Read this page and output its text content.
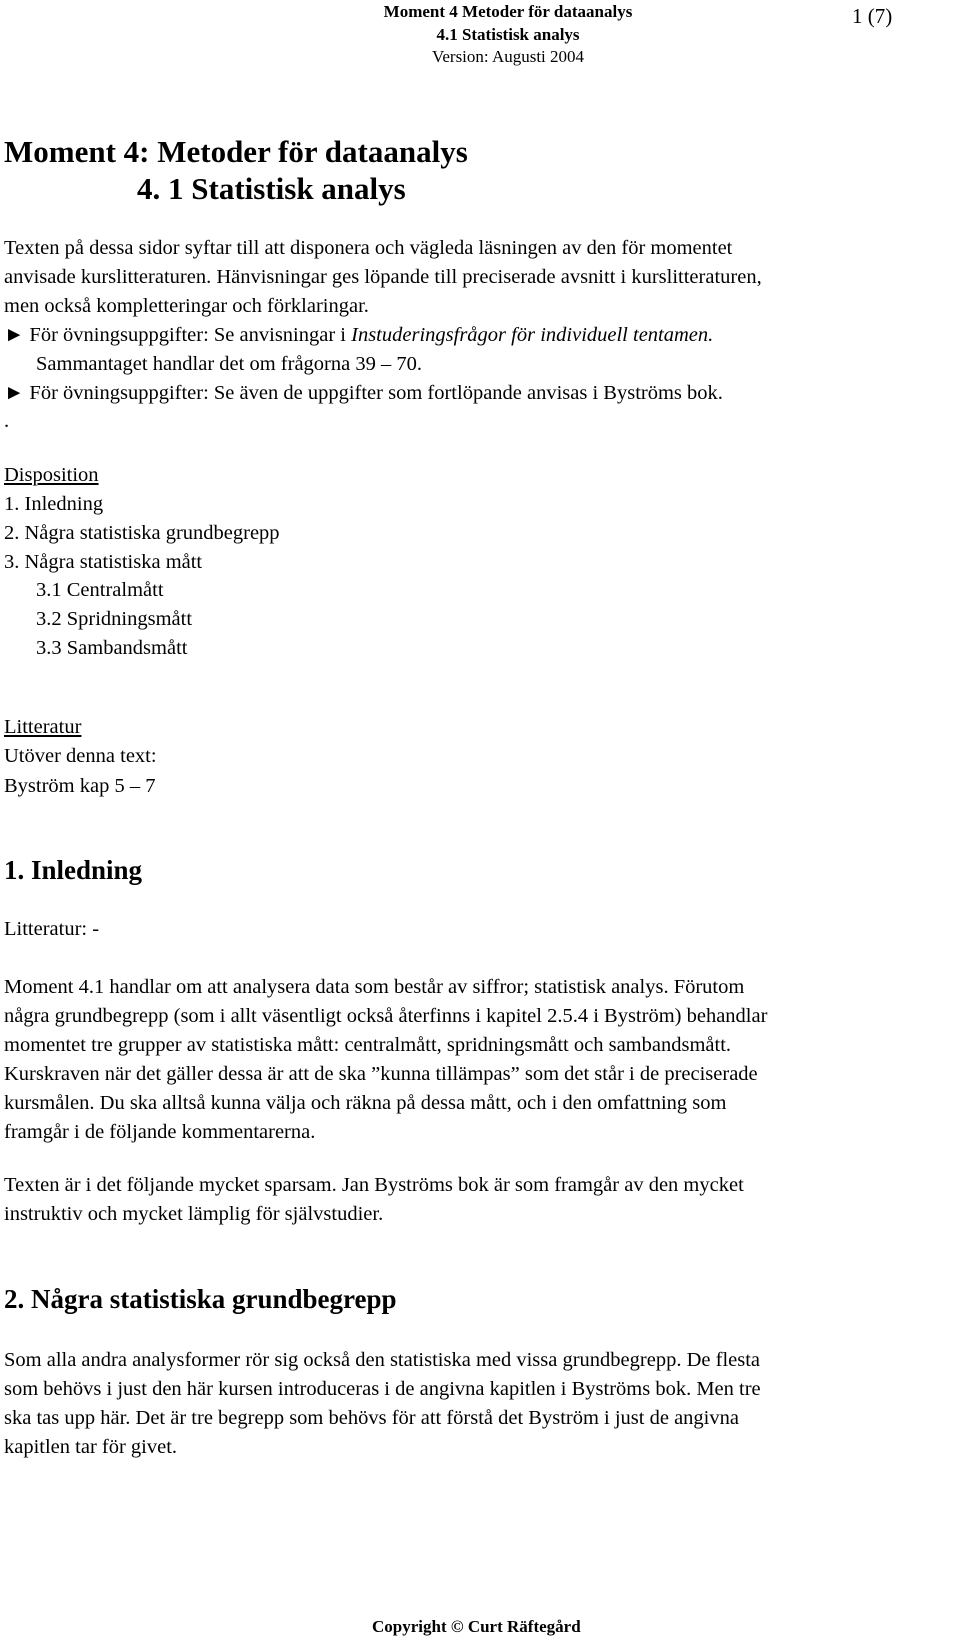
Moment 4 Metoder för dataanalys
4.1 Statistisk analys
Version: Augusti 2004
1 (7)
Moment 4: Metoder för dataanalys
4. 1 Statistisk analys
Texten på dessa sidor syftar till att disponera och vägleda läsningen av den för momentet
anvisade kurslitteraturen. Hänvisningar ges löpande till preciserade avsnitt i kurslitteraturen,
men också kompletteringar och förklaringar.
► För övningsuppgifter: Se anvisningar i Instuderingsfrågor för individuell tentamen.
Sammantaget handlar det om frågorna 39 – 70.
► För övningsuppgifter: Se även de uppgifter som fortlöpande anvisas i Byströms bok.
.
Disposition
1. Inledning
2. Några statistiska grundbegrepp
3. Några statistiska mått
3.1 Centralmått
3.2 Spridningsmått
3.3 Sambandsmått
Litteratur
Utöver denna text:
Byström kap 5 – 7
1. Inledning
Litteratur: -
Moment 4.1 handlar om att analysera data som består av siffror; statistisk analys. Förutom
några grundbegrepp (som i allt väsentligt också återfinns i kapitel 2.5.4 i Byström) behandlar
momentet tre grupper av statistiska mått: centralmått, spridningsmått och sambandsmått.
Kurskraven när det gäller dessa är att de ska ”kunna tillämpas” som det står i de preciserade
kursmålen. Du ska alltså kunna välja och räkna på dessa mått, och i den omfattning som
framgår i de följande kommentarerna.
Texten är i det följande mycket sparsam. Jan Byströms bok är som framgår av den mycket
instruktiv och mycket lämplig för självstudier.
2. Några statistiska grundbegrepp
Som alla andra analysformer rör sig också den statistiska med vissa grundbegrepp. De flesta
som behövs i just den här kursen introduceras i de angivna kapitlen i Byströms bok. Men tre
ska tas upp här. Det är tre begrepp som behövs för att förstå det Byström i just de angivna
kapitlen tar för givet.
Copyright © Curt Räftegård
